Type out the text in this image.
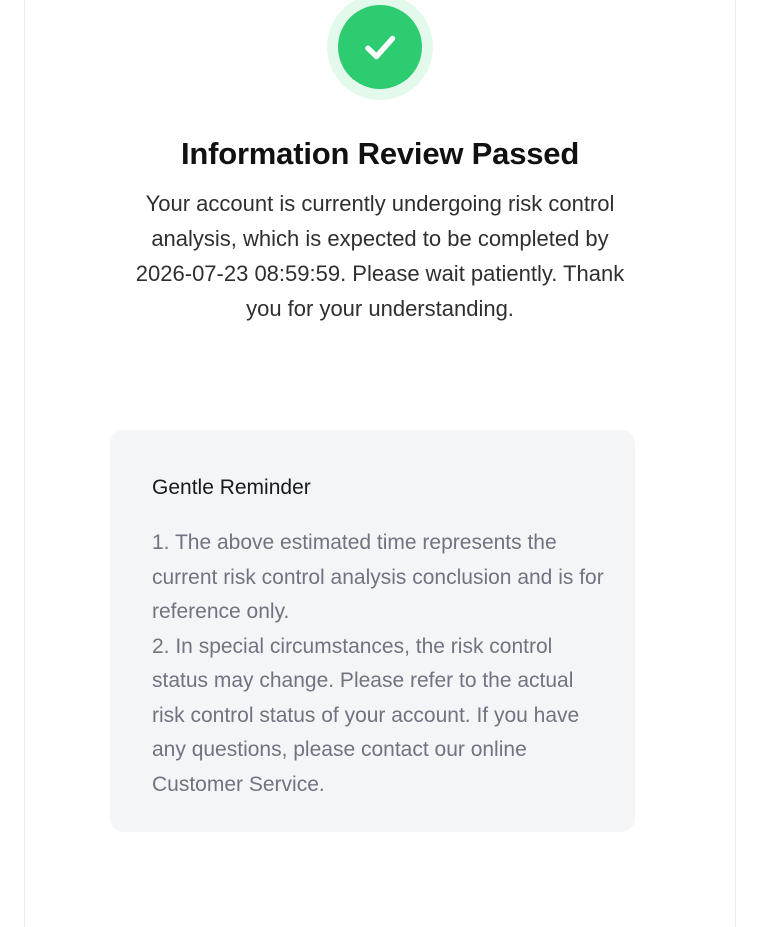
Information Review Passed

Your account is currently undergoing risk control analysis, which is expected to be completed by 2026-07-23 08:59:59. Please wait patiently. Thank you for your understanding.

Gentle Reminder

1. The above estimated time represents the current risk control analysis conclusion and is for reference only.

2. In special circumstances, the risk control status may change. Please refer to the actual risk control status of your account. If you have any questions, please contact our online Customer Service.
